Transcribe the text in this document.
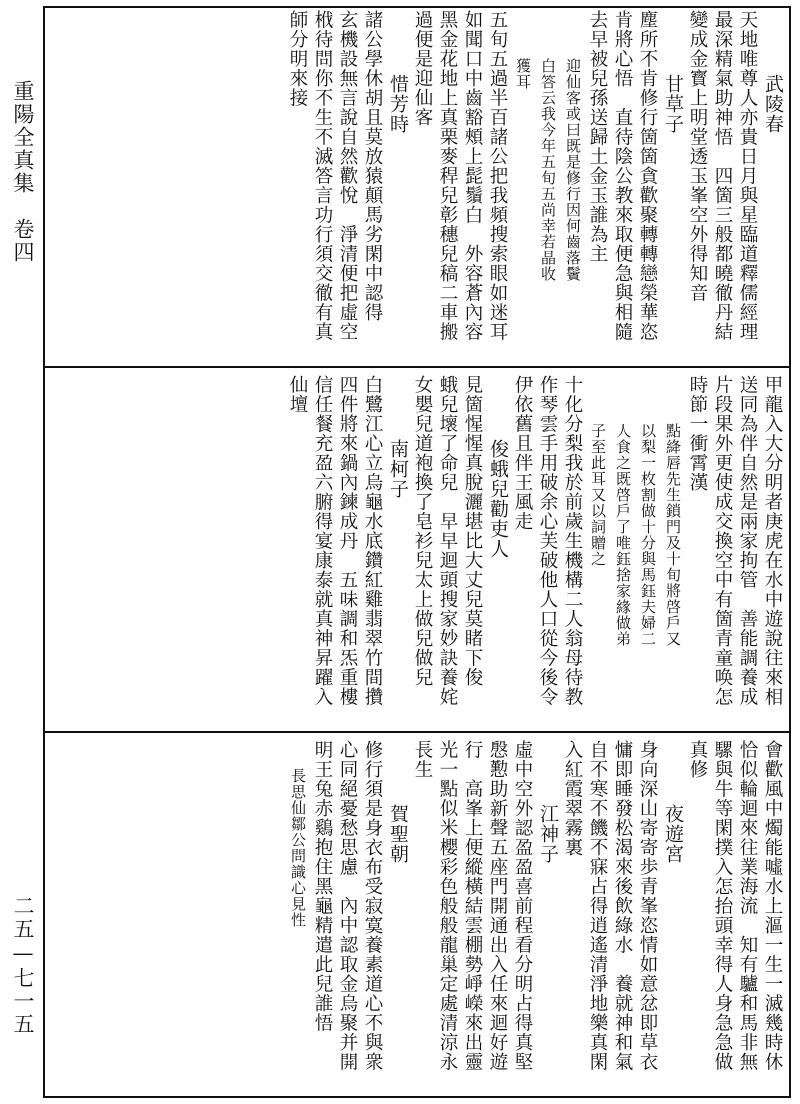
重陽全真集　卷四
二五—七一五
武陵春
天地唯尊人亦貴日月與星臨道釋儒經理
最深精氣助神悟　四箇三般都曉徹丹結
變成金寳上明堂透玉峯空外得知音
甘草子
塵所不肯修行箇箇貪歡聚轉轉戀榮華恣
肯將心悟　直待陰公教來取便急與相隨
去早被兒孫送歸土金玉誰為主
迎仙客或曰既是修行因何齒落鬢
白答云我今年五旬五尚幸若晶收
獲耳
五旬五過半百諸公把我頻搜索眼如迷耳
如聞口中齒豁頰上髭鬚白　外容蒼內容
黑金花地上真栗麥稈兒彰穗兒稿二車搬
過便是迎仙客
惜芳時
諸公學休胡且莫放猿顛馬劣閑中認得
玄機設無言說自然歡悅　淨清便把虛空
栰待問你不生不滅答言功行須交徹有真
師分明來接
甲龍入大分明者庚虎在水中遊說往來相
送同為伴自然是兩家拘管　善能調養成
片段果外更使成交換空中有箇青童唤怎
時節一衝霄漢
點絳唇先生鎖門及十旬將啓戶又
以梨一枚割做十分與馬鈺夫婦二
人食之既啓戶了唯鈺捨家緣做弟
子至此耳又以詞贈之
十化分梨我於前歲生機構二人翁母待教
作琴雲手用破余心芙破他人口從今後令
伊依舊且伴王風走
俊蛾兒勸吏人
見箇惺惺真脫灑堪比大丈兒莫睹下俊
蛾兒壞了命兒　早早迴頭搜家妙訣養姹
女嬰兒道袍換了皂衫兒太上做兒做兒
南柯子
白鷺江心立烏龜水底鑽紅雞翡翠竹間攢
四件將來鍋內鍊成丹　五味調和炁重樓
信任餐充盈六腑得宴康泰就真神昇躍入
仙壇
會歡風中燭能噓水上漚一生一滅幾時休
恰似輪迴來往業海流　知有驢和馬非無
騾與牛等閑撲入怎抬頭幸得人身急急做
真修
夜遊宮
身向深山寄寄歩青峯恣情如意忿即草衣
慵即睡發松渴來後飲綠水　養就神和氣
自不寒不饑不寐占得逍遙清淨地樂真閑
入紅霞翠霧裏
江神子
虛中空外認盈盈喜前程看分明占得真堅
慇懃助新聲五座門開通出入任來迴好遊
行　高峯上便縱橫結雲棚勢崢嶸來出靈
光一點似米櫻彩色般般龍巢定處清涼永
長生
賀聖朝
修行須是身衣布受寂寞養素道心不與衆
心同絕憂愁思慮　內中認取金烏聚并開
明王兔赤鷄抱住黑龜精遣此兒誰悟
長思仙鄒公問識心見性
